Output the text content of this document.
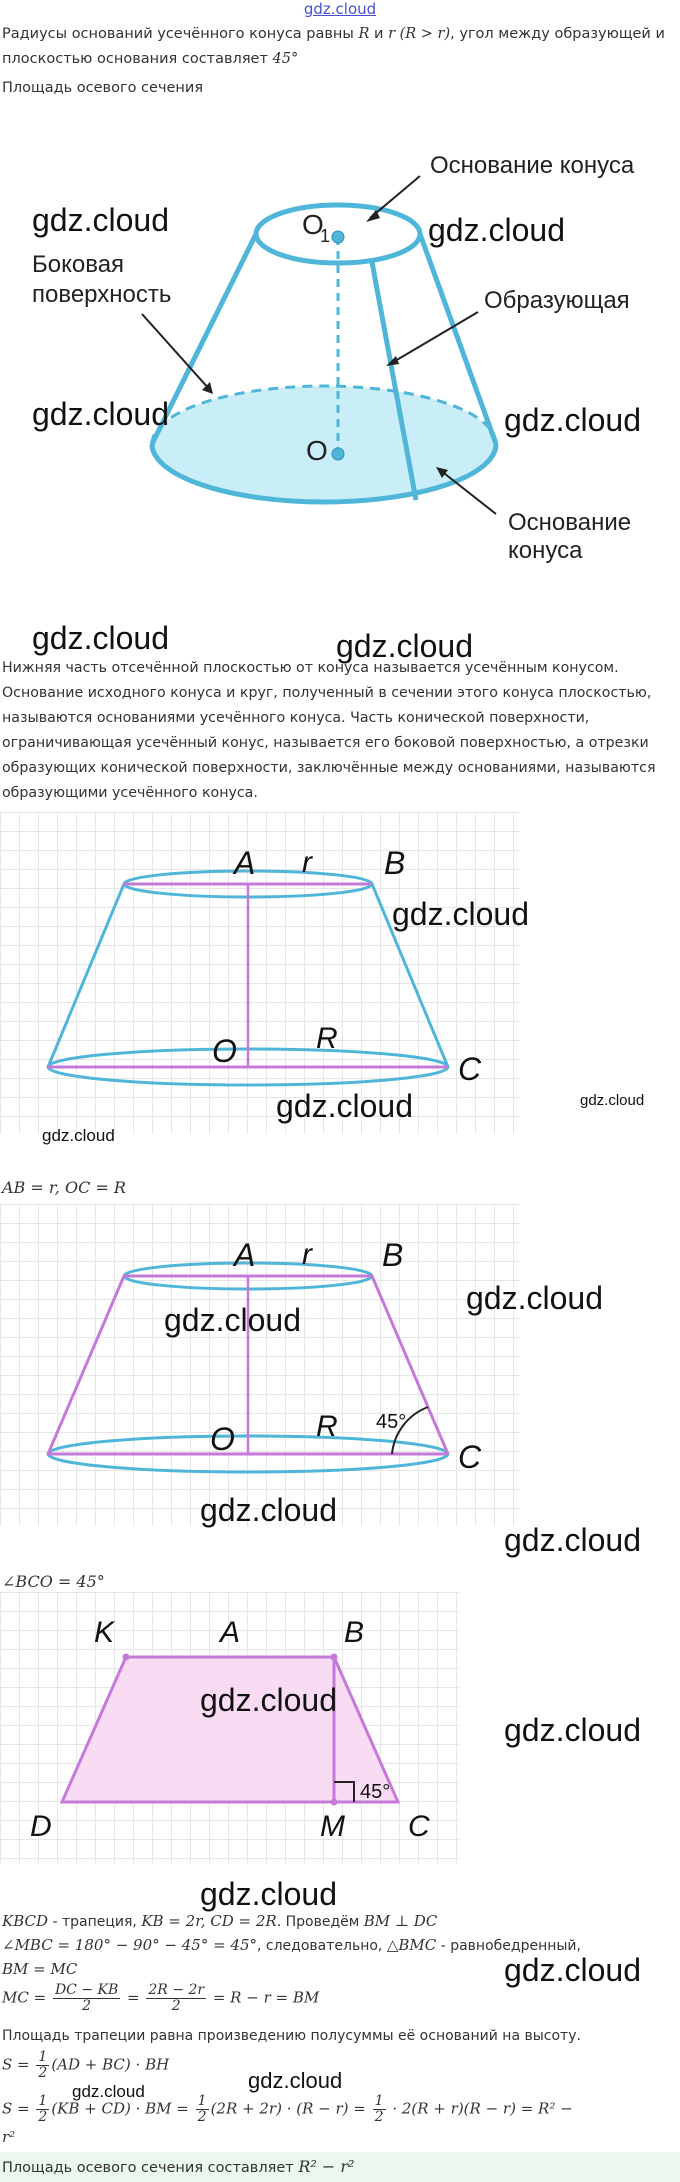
gdz.cloud
Радиусы оснований усечённого конуса равны R и r (R > r), угол между образующей и плоскостью основания составляет 45°
Площадь осевого сечения
Основание конуса
O
1
Боковая
поверхность	Образующая
O
Основание
конуса
gdz.cloud	gdz.cloud
gdz.cloud	gdz.cloud
gdz.cloud	gdz.cloud
Нижняя часть отсечённой плоскостью от конуса называется усечённым конусом. Основание исходного конуса и круг, полученный в сечении этого конуса плоскостью, называются основаниями усечённого конуса. Часть конической поверхности, ограничивающая усечённый конус, называется его боковой поверхностью, а отрезки образующих конической поверхности, заключённые между основаниями, называются образующими усечённого конуса.
A r B
O	R
C
gdz.cloud
gdz.cloud	gdz.cloud
gdz.cloud
AB = r, OC = R
A r B
O	R
C
45°
gdz.cloud
gdz.cloud
gdz.cloud
gdz.cloud
∠BCO = 45°
K	A	B
D	M C
45°
gdz.cloud
gdz.cloud
gdz.cloud
KBCD - трапеция, KB = 2r, CD = 2R. Проведём BM ⊥ DC
∠MBC = 180° − 90° − 45° = 45°, следовательно, △BMC - равнобедренный,
BM = MC	gdz.cloud
MC = $\frac{DC - KB}{2} = \frac{2R - 2r}{2} = R - r$ = BM
Площадь трапеции равна произведению полусуммы её оснований на высоту.
$S = \frac{1}{2} (AD + BC)$ · BH
gdz.cloud	gdz.cloud
$S = \frac{1}{2} (KB + CD)$ · BM = $\frac{1}{2} (2R + 2r) \cdot (R - r) = \frac{1}{2} \cdot 2(R + r)(R - r) = R^2$ −
r²
Площадь осевого сечения составляет R² − r²
